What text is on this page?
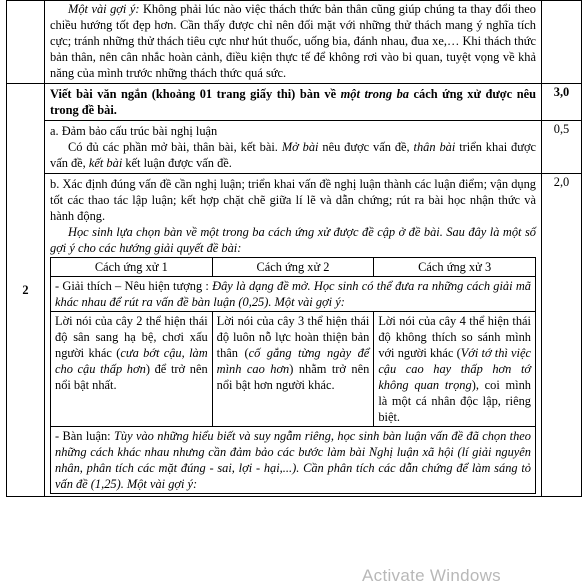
Một vài gợi ý: Không phải lúc nào việc thách thức bản thân cũng giúp chúng ta thay đổi theo chiều hướng tốt đẹp hơn. Cần thấy được chỉ nên đối mặt với những thử thách mang ý nghĩa tích cực; tránh những thử thách tiêu cực như hút thuốc, uống bia, đánh nhau, đua xe,… Khi thách thức bản thân, nên cân nhắc hoàn cảnh, điều kiện thực tế để không rơi vào bi quan, tuyệt vọng về khả năng của mình trước những thách thức quá sức.

2	
Viết bài văn ngắn (khoảng 01 trang giấy thi) bàn về một trong ba cách ứng xử được nêu trong đề bài.
	3,0

a. Đảm bảo cấu trúc bài nghị luận
Có đủ các phần mở bài, thân bài, kết bài. Mở bài nêu được vấn đề, thân bài triển khai được vấn đề, kết bài kết luận được vấn đề.
	0,5

b. Xác định đúng vấn đề cần nghị luận; triển khai vấn đề nghị luận thành các luận điểm; vận dụng tốt các thao tác lập luận; kết hợp chặt chẽ giữa lí lẽ và dẫn chứng; rút ra bài học nhận thức và hành động.
Học sinh lựa chọn bàn về một trong ba cách ứng xử được đề cập ở đề bài. Sau đây là một số gợi ý cho các hướng giải quyết đề bài:
Cách ứng xử 1	Cách ứng xử 2	Cách ứng xử 3
- Giải thích – Nêu hiện tượng : Đây là dạng đề mở. Học sinh có thể đưa ra những cách giải mã khác nhau để rút ra vấn đề bàn luận (0,25). Một vài gợi ý:
Lời nói của cây 2 thể hiện thái độ sân sang hạ bệ, chơi xấu người khác (cưa bớt cậu, làm cho cậu thấp hơn) để trở nên nổi bật nhất.	Lời nói của cây 3 thể hiện thái độ luôn nỗ lực hoàn thiện bản thân (cố gắng từng ngày để mình cao hơn) nhằm trở nên nổi bật hơn người khác.	Lời nói của cây 4 thể hiện thái độ không thích so sánh mình với người khác (Với tớ thì việc cậu cao hay thấp hơn tớ không quan trọng), coi mình là một cá nhân độc lập, riêng biệt.
- Bàn luận: Tùy vào những hiểu biết và suy ngẫm riêng, học sinh bàn luận vấn đề đã chọn theo những cách khác nhau nhưng cần đảm bảo các bước làm bài Nghị luận xã hội (lí giải nguyên nhân, phân tích các mặt đúng - sai, lợi - hại,...). Cần phân tích các dẫn chứng để làm sáng tỏ vấn đề (1,25). Một vài gợi ý:
	2,0
Activate Windows
